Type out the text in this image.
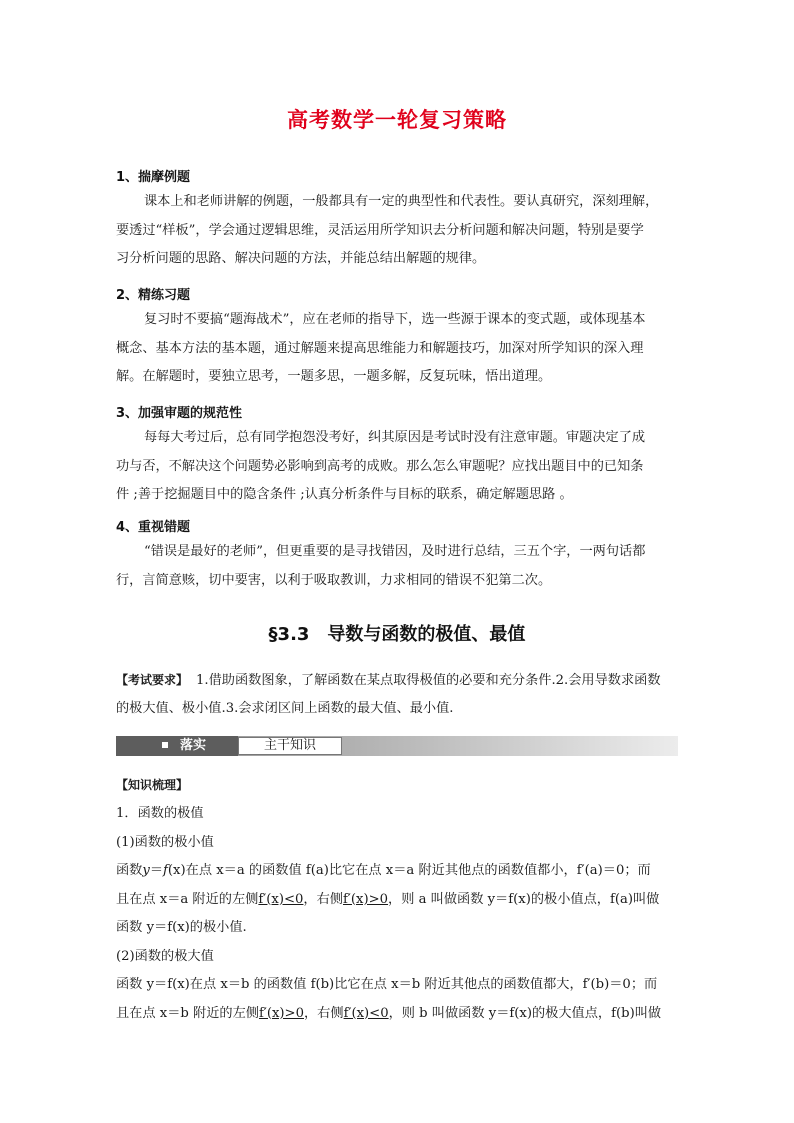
高考数学一轮复习策略
1、揣摩例题
课本上和老师讲解的例题，一般都具有一定的典型性和代表性。要认真研究，深刻理解，
要透过“样板”，学会通过逻辑思维，灵活运用所学知识去分析问题和解决问题，特别是要学
习分析问题的思路、解决问题的方法，并能总结出解题的规律。
2、精练习题
复习时不要搞“题海战术”，应在老师的指导下，选一些源于课本的变式题，或体现基本
概念、基本方法的基本题，通过解题来提高思维能力和解题技巧，加深对所学知识的深入理
解。在解题时，要独立思考，一题多思，一题多解，反复玩味，悟出道理。
3、加强审题的规范性
每每大考过后，总有同学抱怨没考好，纠其原因是考试时没有注意审题。审题决定了成
功与否，不解决这个问题势必影响到高考的成败。那么怎么审题呢？应找出题目中的已知条
件 ;善于挖掘题目中的隐含条件 ;认真分析条件与目标的联系，确定解题思路 。
4、重视错题
“错误是最好的老师”，但更重要的是寻找错因，及时进行总结，三五个字，一两句话都
行，言简意赅，切中要害，以利于吸取教训，力求相同的错误不犯第二次。
§3.3　导数与函数的极值、最值
【考试要求】 1.借助函数图象，了解函数在某点取得极值的必要和充分条件.2.会用导数求函数
的极大值、极小值.3.会求闭区间上函数的最大值、最小值.
落实	主干知识
【知识梳理】
1．函数的极值
(1)函数的极小值
函数y＝f(x)在点 x＝a 的函数值 f(a)比它在点 x＝a 附近其他点的函数值都小，f′(a)＝0；而
且在点 x＝a 附近的左侧f′(x)<0，右侧f′(x)>0，则 a 叫做函数 y＝f(x)的极小值点，f(a)叫做
函数 y＝f(x)的极小值.
(2)函数的极大值
函数 y＝f(x)在点 x＝b 的函数值 f(b)比它在点 x＝b 附近其他点的函数值都大，f′(b)＝0；而
且在点 x＝b 附近的左侧f′(x)>0，右侧f′(x)<0，则 b 叫做函数 y＝f(x)的极大值点，f(b)叫做
